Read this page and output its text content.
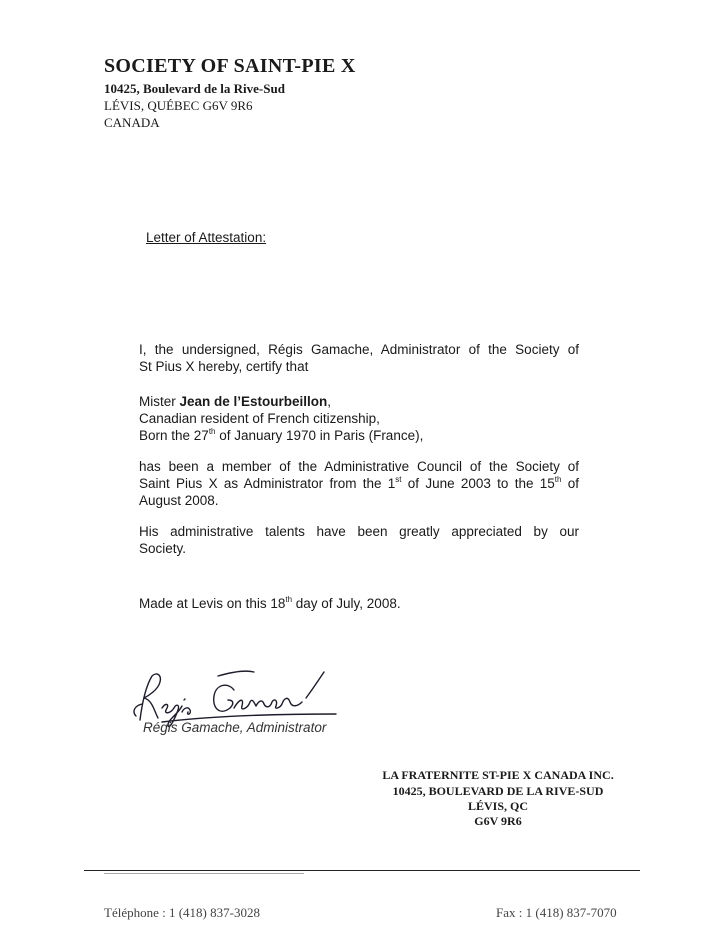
SOCIETY OF SAINT-PIE X
10425, Boulevard de la Rive-Sud
LÉVIS, QUÉBEC G6V 9R6
CANADA
Letter of Attestation:
I, the undersigned, Régis Gamache, Administrator of the Society of
St Pius X hereby, certify that
Mister Jean de l’Estourbeillon,
Canadian resident of French citizenship,
Born the 27th of January 1970 in Paris (France),
has been a member of the Administrative Council of the Society of
Saint Pius X as Administrator from the 1st of June 2003 to the 15th of
August 2008.
His administrative talents have been greatly appreciated by our
Society.
Made at Levis on this 18th day of July, 2008.
Régis Gamache, Administrator
LA FRATERNITE ST-PIE X CANADA INC.
10425, BOULEVARD DE LA RIVE-SUD
LÉVIS, QC
G6V 9R6
Téléphone : 1 (418) 837-3028	Fax : 1 (418) 837-7070
